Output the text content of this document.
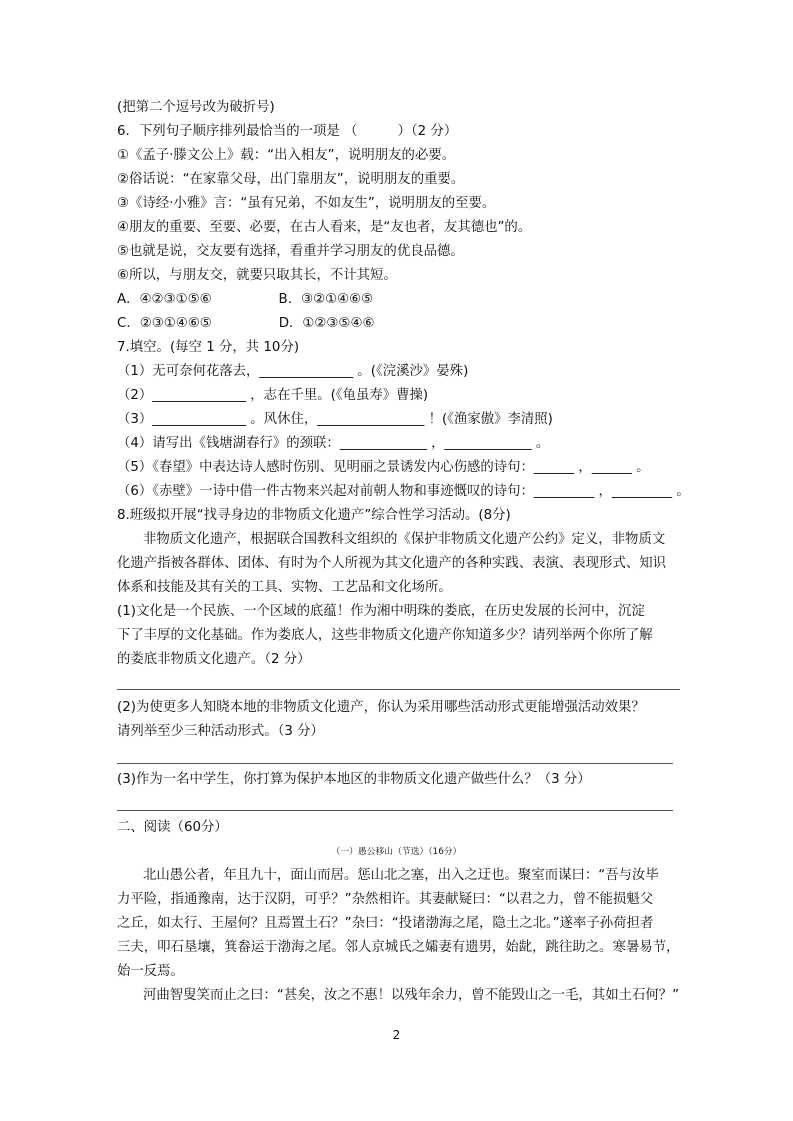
(把第二个逗号改为破折号)
6．下列句子顺序排列最恰当的一项是 （　　　）（2 分）
①《孟子·滕文公上》载：“出入相友”，说明朋友的必要。
②俗话说：“在家靠父母，出门靠朋友”，说明朋友的重要。
③《诗经·小雅》言：“虽有兄弟，不如友生”，说明朋友的至要。
④朋友的重要、至要、必要，在古人看来，是“友也者，友其德也”的。
⑤也就是说，交友要有选择，看重并学习朋友的优良品德。
⑥所以，与朋友交，就要只取其长，不计其短。
A．④②③①⑤⑥　　　　　B．③②①④⑥⑤
C．②③①④⑥⑤　　　　　D．①②③⑤④⑥
7.填空。(每空 1 分，共 10分)
（1）无可奈何花落去，______________ 。(《浣溪沙》晏殊)
（2）______________ ，志在千里。(《龟虽寿》曹操)
（3）______________ 。风休住，________________ ！(《渔家傲》李清照)
（4）请写出《钱塘湖春行》的颈联：_____________ ，_____________ 。
（5）《春望》中表达诗人感时伤别、见明丽之景诱发内心伤感的诗句：______ ，______ 。
（6）《赤壁》一诗中借一件古物来兴起对前朝人物和事迹慨叹的诗句：_________ ，_________ 。
8.班级拟开展“找寻身边的非物质文化遗产”综合性学习活动。(8分)
非物质文化遗产，根据联合国教科文组织的《保护非物质文化遗产公约》定义，非物质文
化遗产指被各群体、团体、有时为个人所视为其文化遗产的各种实践、表演、表现形式、知识
体系和技能及其有关的工具、实物、工艺品和文化场所。
(1)文化是一个民族、一个区域的底蕴！作为湘中明珠的娄底，在历史发展的长河中，沉淀
下了丰厚的文化基础。作为娄底人，这些非物质文化遗产你知道多少？请列举两个你所了解
的娄底非物质文化遗产。（2 分）
(2)为使更多人知晓本地的非物质文化遗产，你认为采用哪些活动形式更能增强活动效果？
请列举至少三种活动形式。（3 分）
(3)作为一名中学生，你打算为保护本地区的非物质文化遗产做些什么？（3 分）
二、阅读（60分）
（一）愚公移山（节选）（16分）
北山愚公者，年且九十，面山而居。惩山北之塞，出入之迂也。聚室而谋曰：“吾与汝毕
力平险，指通豫南，达于汉阴，可乎？”杂然相许。其妻献疑曰：“以君之力，曾不能损魁父
之丘，如太行、王屋何？且焉置土石？”杂曰：“投诸渤海之尾，隐土之北。”遂率子孙荷担者
三夫，叩石垦壤，箕畚运于渤海之尾。邻人京城氏之孀妻有遗男，始龀，跳往助之。寒暑易节，
始一反焉。
河曲智叟笑而止之曰：“甚矣，汝之不惠！以残年余力，曾不能毁山之一毛，其如土石何？”
2
